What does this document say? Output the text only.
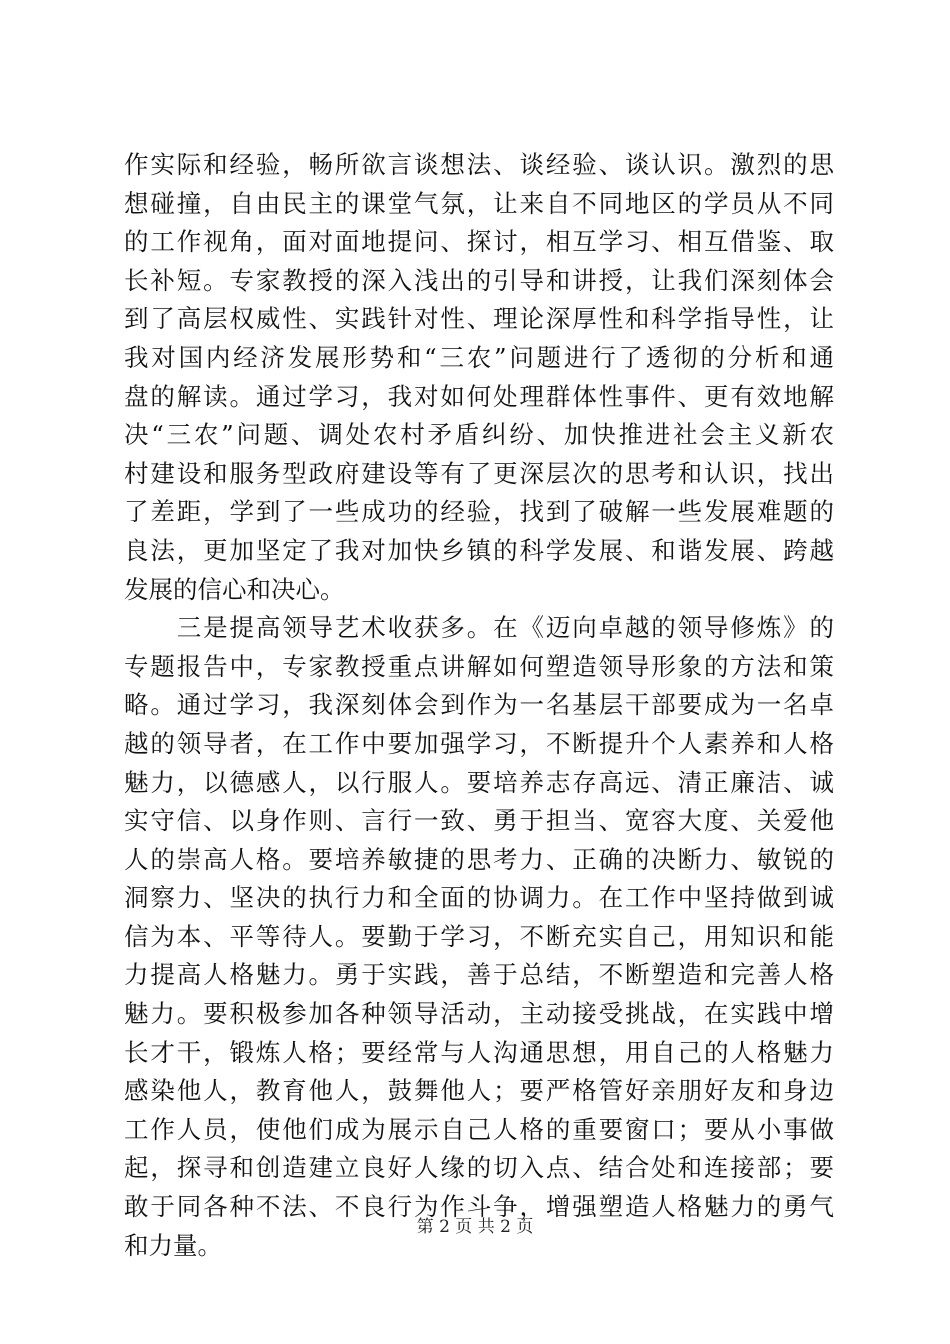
作实际和经验，畅所欲言谈想法、谈经验、谈认识。激烈的思
想碰撞，自由民主的课堂气氛，让来自不同地区的学员从不同
的工作视角，面对面地提问、探讨，相互学习、相互借鉴、取
长补短。专家教授的深入浅出的引导和讲授，让我们深刻体会
到了高层权威性、实践针对性、理论深厚性和科学指导性，让
我对国内经济发展形势和“三农”问题进行了透彻的分析和通
盘的解读。通过学习，我对如何处理群体性事件、更有效地解
决“三农”问题、调处农村矛盾纠纷、加快推进社会主义新农
村建设和服务型政府建设等有了更深层次的思考和认识，找出
了差距，学到了一些成功的经验，找到了破解一些发展难题的
良法，更加坚定了我对加快乡镇的科学发展、和谐发展、跨越
发展的信心和决心。
　　三是提高领导艺术收获多。在《迈向卓越的领导修炼》的
专题报告中，专家教授重点讲解如何塑造领导形象的方法和策
略。通过学习，我深刻体会到作为一名基层干部要成为一名卓
越的领导者，在工作中要加强学习，不断提升个人素养和人格
魅力，以德感人，以行服人。要培养志存高远、清正廉洁、诚
实守信、以身作则、言行一致、勇于担当、宽容大度、关爱他
人的崇高人格。要培养敏捷的思考力、正确的决断力、敏锐的
洞察力、坚决的执行力和全面的协调力。在工作中坚持做到诚
信为本、平等待人。要勤于学习，不断充实自己，用知识和能
力提高人格魅力。勇于实践，善于总结，不断塑造和完善人格
魅力。要积极参加各种领导活动，主动接受挑战，在实践中增
长才干，锻炼人格；要经常与人沟通思想，用自己的人格魅力
感染他人，教育他人，鼓舞他人；要严格管好亲朋好友和身边
工作人员，使他们成为展示自己人格的重要窗口；要从小事做
起，探寻和创造建立良好人缘的切入点、结合处和连接部；要
敢于同各种不法、不良行为作斗争，增强塑造人格魅力的勇气
和力量。
第 2 页 共 2 页
